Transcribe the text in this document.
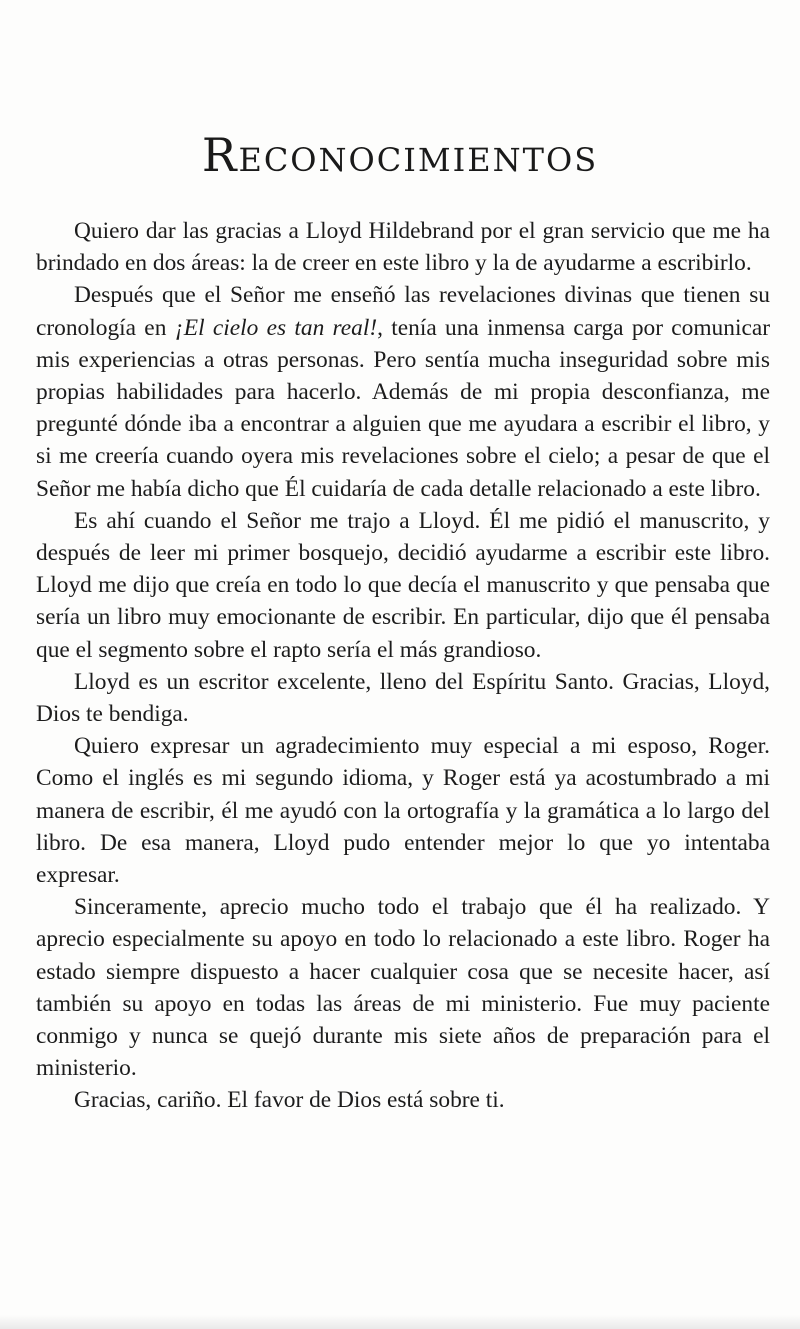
Reconocimientos

Quiero dar las gracias a Lloyd Hildebrand por el gran servicio que me ha brindado en dos áreas: la de creer en este libro y la de ayudarme a escribirlo.

Después que el Señor me enseñó las revelaciones divinas que tienen su cronología en ¡El cielo es tan real!, tenía una inmensa carga por comunicar mis experiencias a otras personas. Pero sentía mucha inseguridad sobre mis propias habilidades para hacerlo. Además de mi propia desconfianza, me pregunté dónde iba a encontrar a alguien que me ayudara a escribir el libro, y si me creería cuando oyera mis revelaciones sobre el cielo; a pesar de que el Señor me había dicho que Él cuidaría de cada detalle relacionado a este libro.

Es ahí cuando el Señor me trajo a Lloyd. Él me pidió el manuscrito, y después de leer mi primer bosquejo, decidió ayudarme a escribir este libro. Lloyd me dijo que creía en todo lo que decía el manuscrito y que pensaba que sería un libro muy emocionante de escribir. En particular, dijo que él pensaba que el segmento sobre el rapto sería el más grandioso.

Lloyd es un escritor excelente, lleno del Espíritu Santo. Gracias, Lloyd, Dios te bendiga.

Quiero expresar un agradecimiento muy especial a mi esposo, Roger. Como el inglés es mi segundo idioma, y Roger está ya acostumbrado a mi manera de escribir, él me ayudó con la ortografía y la gramática a lo largo del libro. De esa manera, Lloyd pudo entender mejor lo que yo intentaba expresar.

Sinceramente, aprecio mucho todo el trabajo que él ha realizado. Y aprecio especialmente su apoyo en todo lo relacionado a este libro. Roger ha estado siempre dispuesto a hacer cualquier cosa que se necesite hacer, así también su apoyo en todas las áreas de mi ministerio. Fue muy paciente conmigo y nunca se quejó durante mis siete años de preparación para el ministerio.

Gracias, cariño. El favor de Dios está sobre ti.
